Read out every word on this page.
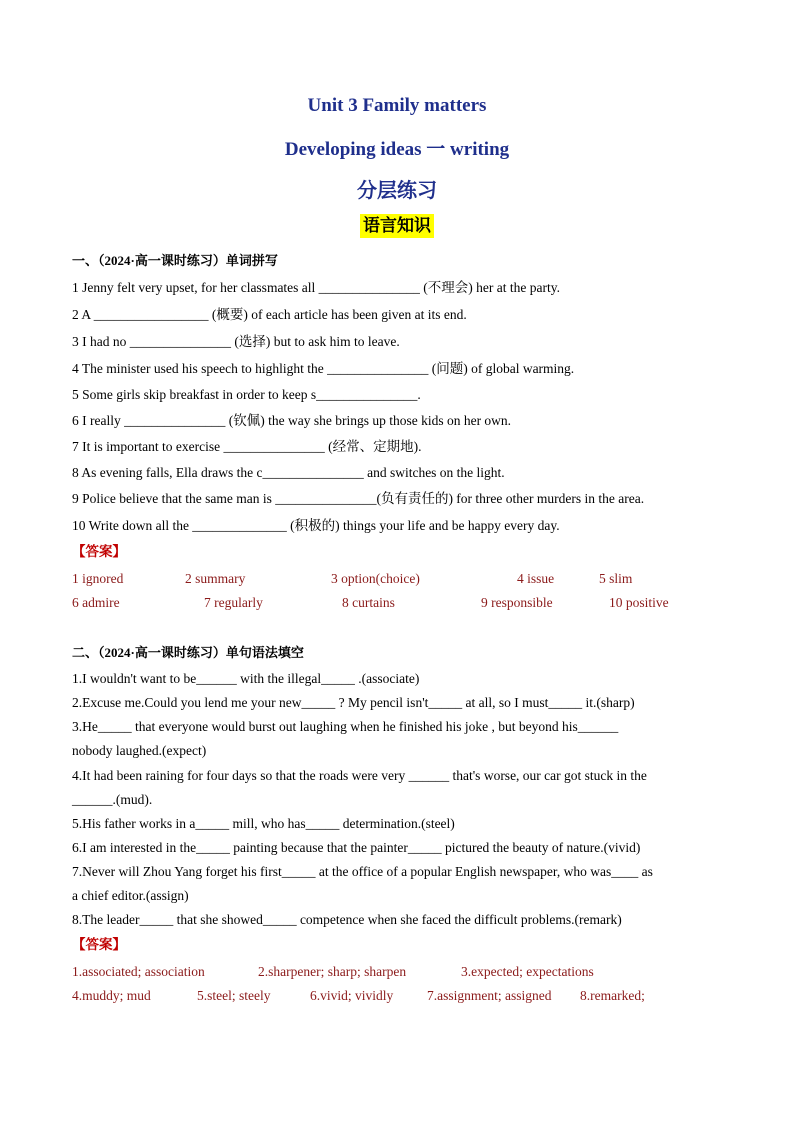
Unit 3 Family matters
Developing ideas 一 writing
分层练习
语言知识
一、（2024·高一课时练习）单词拼写
1 Jenny felt very upset, for her classmates all _______________ (不理会) her at the party.
2 A _________________ (概要) of each article has been given at its end.
3 I had no _______________ (选择) but to ask him to leave.
4 The minister used his speech to highlight the _______________ (问题) of global warming.
5 Some girls skip breakfast in order to keep s_______________.
6 I really _______________ (钦佩) the way she brings up those kids on her own.
7 It is important to exercise _______________ (经常、定期地).
8 As evening falls, Ella draws the c_______________ and switches on the light.
9 Police believe that the same man is _______________(负有责任的) for three other murders in the area.
10 Write down all the ______________ (积极的) things your life and be happy every day.
【答案】
1 ignored	2 summary	3 option(choice)	4 issue	5 slim
6 admire	7 regularly	8 curtains	9 responsible	10 positive
二、（2024·高一课时练习）单句语法填空
1.I wouldn't want to be______ with the illegal_____ .(associate)
2.Excuse me.Could you lend me your new_____ ? My pencil isn't_____ at all, so I must_____ it.(sharp)
3.He_____ that everyone would burst out laughing when he finished his joke , but beyond his______
nobody laughed.(expect)
4.It had been raining for four days so that the roads were very ______ that's worse, our car got stuck in the
______.(mud).
5.His father works in a_____ mill, who has_____ determination.(steel)
6.I am interested in the_____ painting because that the painter_____ pictured the beauty of nature.(vivid)
7.Never will Zhou Yang forget his first_____ at the office of a popular English newspaper, who was____ as
a chief editor.(assign)
8.The leader_____ that she showed_____ competence when she faced the difficult problems.(remark)
【答案】
1.associated; association	2.sharpener; sharp; sharpen	3.expected; expectations
4.muddy; mud	5.steel; steely	6.vivid; vividly 7.assignment; assigned 8.remarked;
